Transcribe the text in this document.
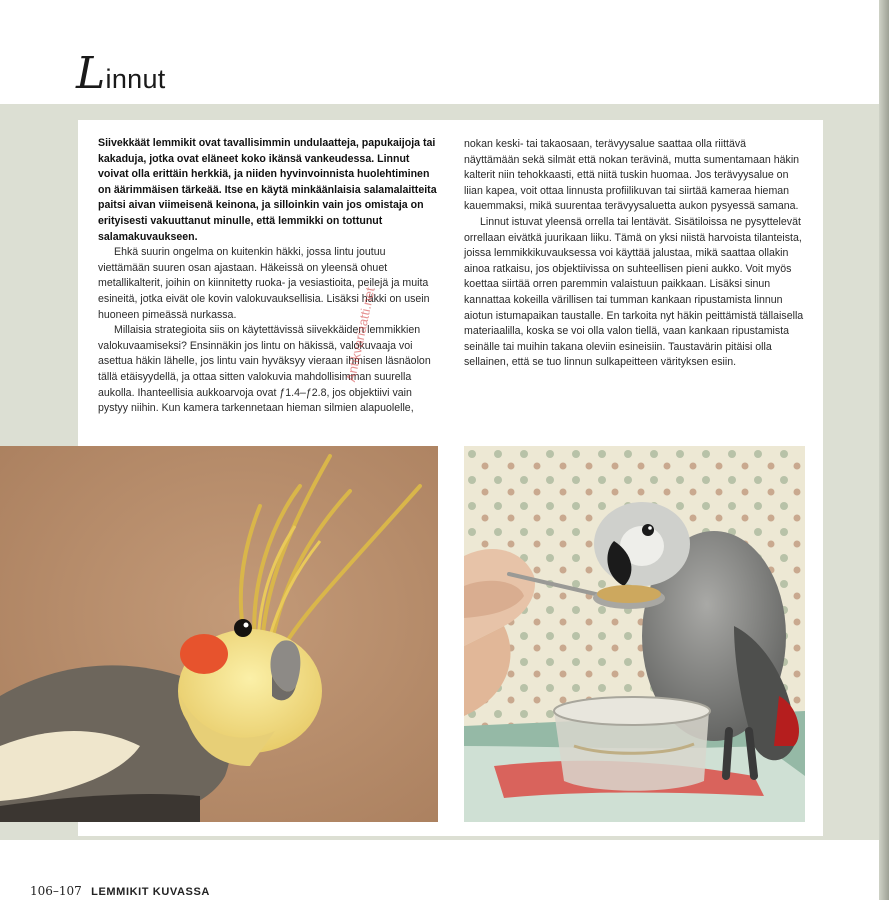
Linnut

Siivekkäät lemmikit ovat tavallisimmin undulaatteja, papukaijoja tai kakaduja, jotka ovat eläneet koko ikänsä vankeudessa. Linnut voivat olla erittäin herkkiä, ja niiden hyvinvoinnista huolehtiminen on äärimmäisen tärkeää. Itse en käytä minkäänlaisia salamalaitteita paitsi aivan viimeisenä keinona, ja silloinkin vain jos omistaja on erityisesti vakuuttanut minulle, että lemmikki on tottunut salamakuvaukseen.

Ehkä suurin ongelma on kuitenkin häkki, jossa lintu joutuu viettämään suuren osan ajastaan. Häkeissä on yleensä ohuet metallikalterit, joihin on kiinnitetty ruoka- ja vesiastioita, peilejä ja muita esineitä, jotka eivät ole kovin valokuvauksellisia. Lisäksi häkki on usein huoneen pimeässä nurkassa.

Millaisia strategioita siis on käytettävissä siivekkäiden lemmikkien valokuvaamiseksi? Ensinnäkin jos lintu on häkissä, valokuvaaja voi asettua häkin lähelle, jos lintu vain hyväksyy vieraan ihmisen läsnäolon tällä etäisyydellä, ja ottaa sitten valokuvia mahdollisimman suurella aukolla. Ihanteellisia aukkoarvoja ovat ƒ1.4–ƒ2.8, jos objektiivi vain pystyy niihin. Kun kamera tarkennetaan hieman silmien alapuolelle,

nokan keski- tai takaosaan, terävyysalue saattaa olla riittävä näyttämään sekä silmät että nokan terävinä, mutta sumentamaan häkin kalterit niin tehokkaasti, että niitä tuskin huomaa. Jos terävyysalue on liian kapea, voit ottaa linnusta profiilikuvan tai siirtää kameraa hieman kauemmaksi, mikä suurentaa terävyysaluetta aukon pysyessä samana.

Linnut istuvat yleensä orrella tai lentävät. Sisätiloissa ne pysyttelevät orrellaan eivätkä juurikaan liiku. Tämä on yksi niistä harvoista tilanteista, joissa lemmikkikuvauksessa voi käyttää jalustaa, mikä saattaa ollakin ainoa ratkaisu, jos objektiivissa on suhteellisen pieni aukko. Voit myös koettaa siirtää orren paremmin valaistuun paikkaan. Lisäksi sinun kannattaa kokeilla värillisen tai tumman kankaan ripustamista linnun aiotun istumapaikan taustalle. En tarkoita nyt häkin peittämistä tällaisella materiaalilla, koska se voi olla valon tiellä, vaan kankaan ripustamista seinälle tai muihin takana oleviin esineisiin. Taustavärin pitäisi olla sellainen, että se tuo linnun sulkapeitteen värityksen esiin.

Antikvariaatti.net
106–107 LEMMIKIT KUVASSA
